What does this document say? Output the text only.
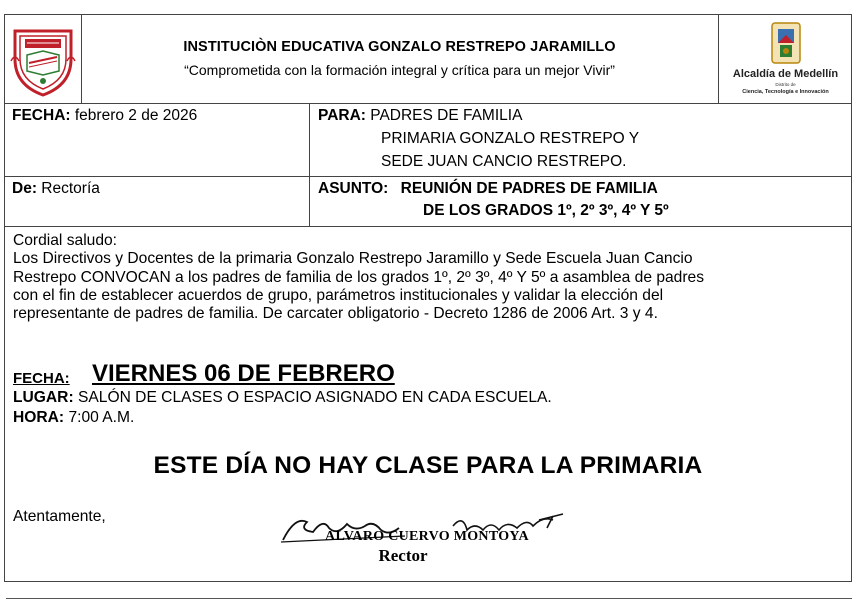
INSTITUCIÒN EDUCATIVA GONZALO RESTREPO JARAMILLO
“Comprometida con la formación integral y crítica para un mejor Vivir”	Alcaldía de Medellín
Distrito de
Ciencia, Tecnología e Innovación
FECHA: febrero 2 de 2026	PARA: PADRES DE FAMILIA
PRIMARIA GONZALO RESTREPO Y
SEDE JUAN CANCIO RESTREPO.
De: Rectoría	ASUNTO: REUNIÓN DE PADRES DE FAMILIA
DE LOS GRADOS 1º, 2º 3º, 4º Y 5º
Cordial saludo:
Los Directivos y Docentes de la primaria Gonzalo Restrepo Jaramillo y Sede Escuela Juan Cancio
Restrepo CONVOCAN a los padres de familia de los grados 1º, 2º 3º, 4º Y 5º a asamblea de padres
con el fin de establecer acuerdos de grupo, parámetros institucionales y validar la elección del
representante de padres de familia. De carcater obligatorio - Decreto 1286 de 2006 Art. 3 y 4.
FECHA: VIERNES 06 DE FEBRERO
LUGAR: SALÓN DE CLASES O ESPACIO ASIGNADO EN CADA ESCUELA.
HORA: 7:00 A.M.
ESTE DÍA NO HAY CLASE PARA LA PRIMARIA
Atentamente,
ALVARO CUERVO MONTOYA
Rector
